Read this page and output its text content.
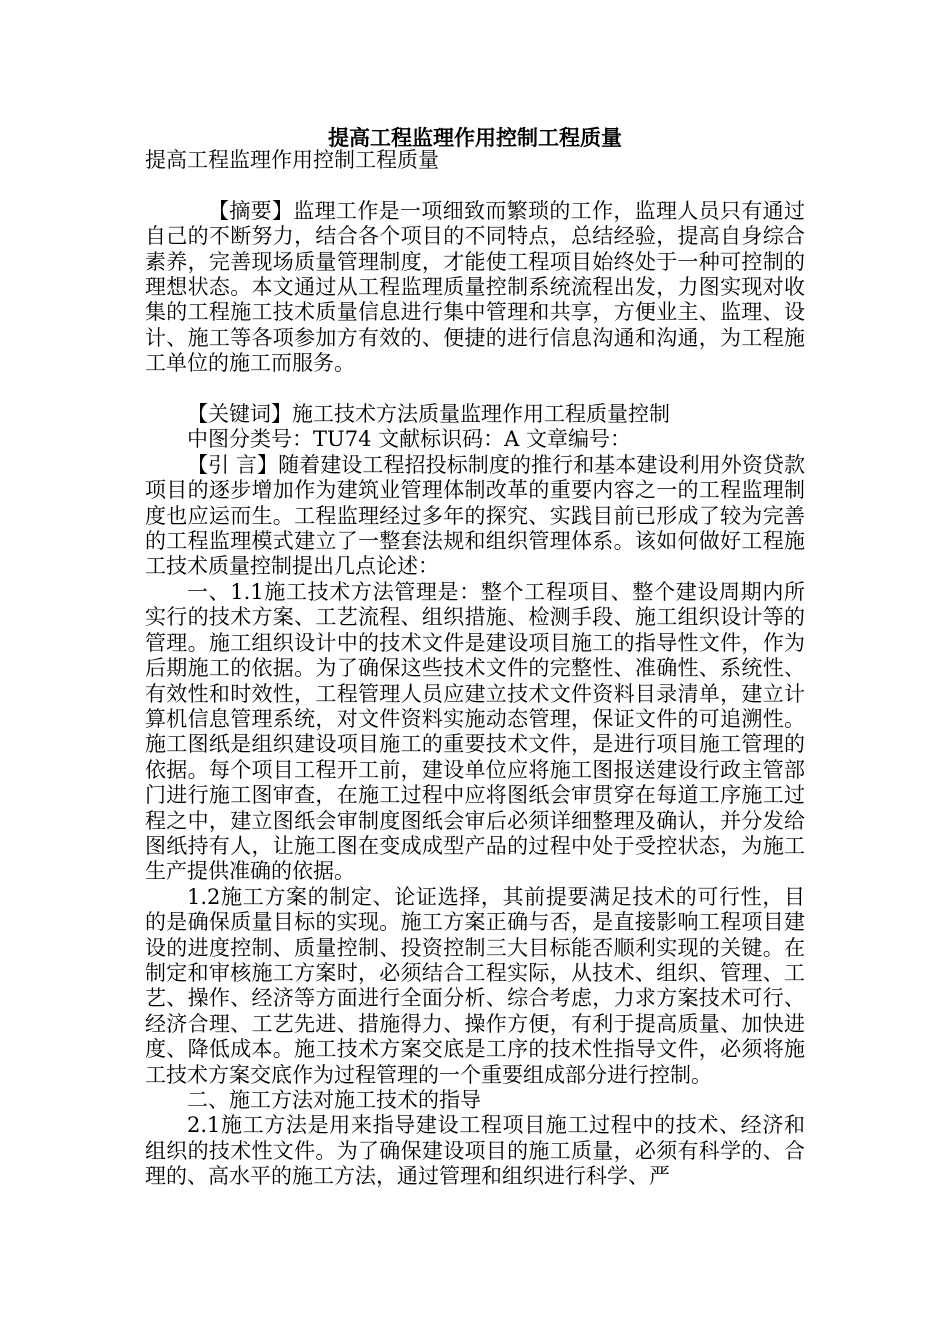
提高工程监理作用控制工程质量

提高工程监理作用控制工程质量

【摘要】监理工作是一项细致而繁琐的工作，监理人员只有通过自己的不断努力，结合各个项目的不同特点，总结经验，提高自身综合素养，完善现场质量管理制度，才能使工程项目始终处于一种可控制的理想状态。本文通过从工程监理质量控制系统流程出发，力图实现对收集的工程施工技术质量信息进行集中管理和共享，方便业主、监理、设计、施工等各项参加方有效的、便捷的进行信息沟通和沟通，为工程施工单位的施工而服务。

【关键词】施工技术方法质量监理作用工程质量控制

中图分类号：TU74 文献标识码：A 文章编号：

【引 言】随着建设工程招投标制度的推行和基本建设利用外资贷款项目的逐步增加作为建筑业管理体制改革的重要内容之一的工程监理制度也应运而生。工程监理经过多年的探究、实践目前已形成了较为完善的工程监理模式建立了一整套法规和组织管理体系。该如何做好工程施工技术质量控制提出几点论述：

一、1.1施工技术方法管理是：整个工程项目、整个建设周期内所实行的技术方案、工艺流程、组织措施、检测手段、施工组织设计等的管理。施工组织设计中的技术文件是建设项目施工的指导性文件，作为后期施工的依据。为了确保这些技术文件的完整性、准确性、系统性、有效性和时效性，工程管理人员应建立技术文件资料目录清单，建立计算机信息管理系统，对文件资料实施动态管理，保证文件的可追溯性。施工图纸是组织建设项目施工的重要技术文件，是进行项目施工管理的依据。每个项目工程开工前，建设单位应将施工图报送建设行政主管部门进行施工图审查，在施工过程中应将图纸会审贯穿在每道工序施工过程之中，建立图纸会审制度图纸会审后必须详细整理及确认，并分发给图纸持有人，让施工图在变成成型产品的过程中处于受控状态，为施工生产提供准确的依据。

1.2施工方案的制定、论证选择，其前提要满足技术的可行性，目的是确保质量目标的实现。施工方案正确与否，是直接影响工程项目建设的进度控制、质量控制、投资控制三大目标能否顺利实现的关键。在制定和审核施工方案时，必须结合工程实际，从技术、组织、管理、工艺、操作、经济等方面进行全面分析、综合考虑，力求方案技术可行、经济合理、工艺先进、措施得力、操作方便，有利于提高质量、加快进度、降低成本。施工技术方案交底是工序的技术性指导文件，必须将施工技术方案交底作为过程管理的一个重要组成部分进行控制。

二、施工方法对施工技术的指导

2.1施工方法是用来指导建设工程项目施工过程中的技术、经济和组织的技术性文件。为了确保建设项目的施工质量，必须有科学的、合理的、高水平的施工方法，通过管理和组织进行科学、严
